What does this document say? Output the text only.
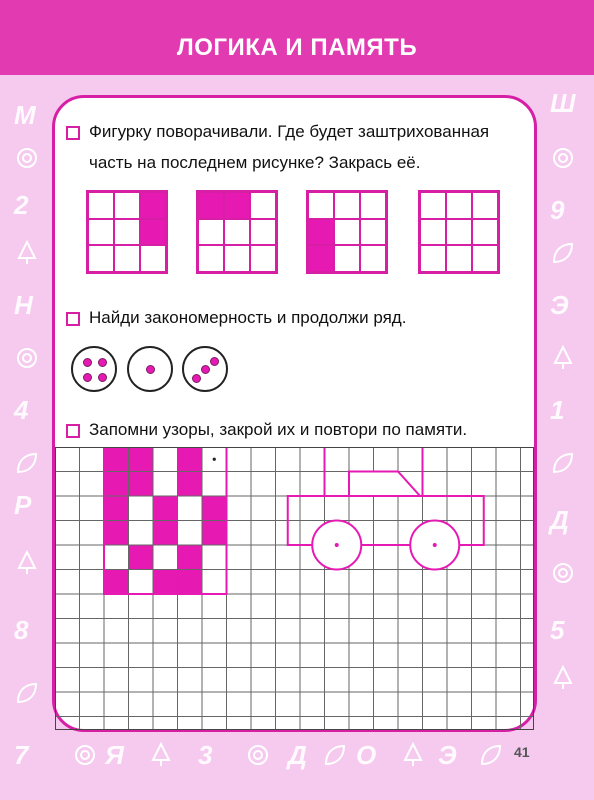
ЛОГИКА И ПАМЯТЬ
М
2
Н
4
Р
8
7
Ш
9
Э
1
Д
5
Я	3	Д О Э
Фигурку поворачивали. Где будет заштрихованная часть на последнем рисунке? Закрась её.
Найди закономерность и продолжи ряд.
Запомни узоры, закрой их и повтори по памяти.
41
